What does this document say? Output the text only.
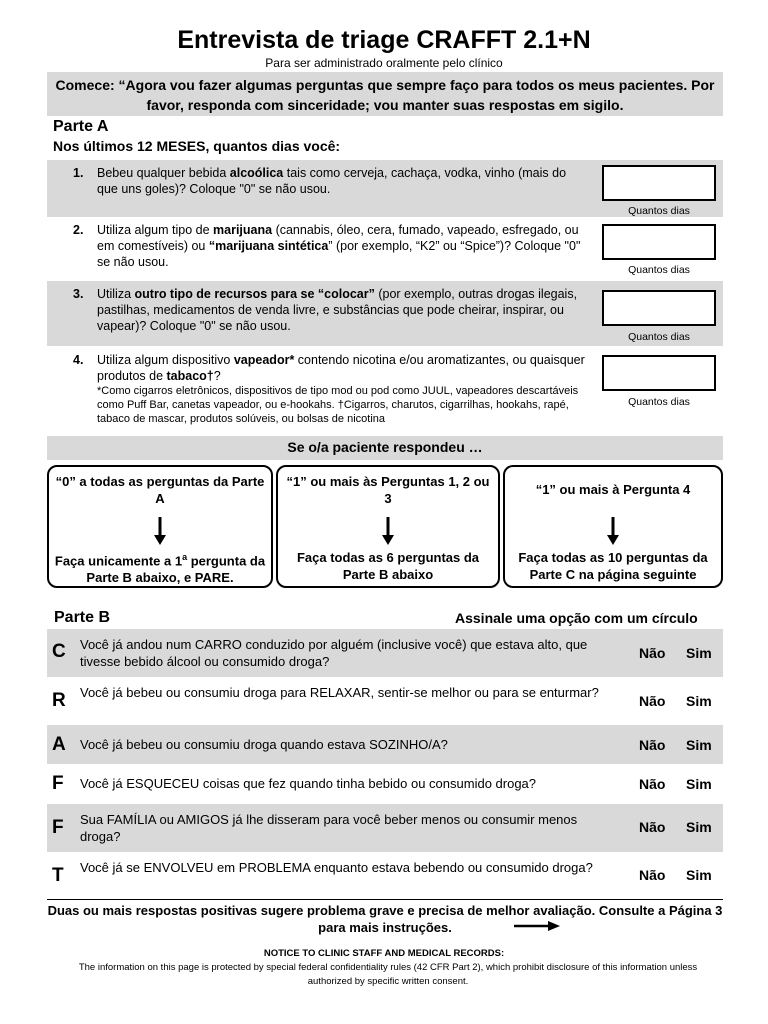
Entrevista de triage CRAFFT 2.1+N
Para ser administrado oralmente pelo clínico
Comece: “Agora vou fazer algumas perguntas que sempre faço para todos os meus pacientes. Por favor, responda com sinceridade; vou manter suas respostas em sigilo.
Parte A
Nos últimos 12 MESES, quantos dias você:
1. Bebeu qualquer bebida alcoólica tais como cerveja, cachaça, vodka, vinho (mais do que uns goles)? Coloque "0" se não usou.
Quantos dias
2. Utiliza algum tipo de marijuana (cannabis, óleo, cera, fumado, vapeado, esfregado, ou em comestíveis) ou “marijuana sintética” (por exemplo, “K2” ou “Spice”)? Coloque "0" se não usou.
Quantos dias
3. Utiliza outro tipo de recursos para se “colocar” (por exemplo, outras drogas ilegais, pastilhas, medicamentos de venda livre, e substâncias que pode cheirar, inspirar, ou vapear)? Coloque "0" se não usou.
Quantos dias
4. Utiliza algum dispositivo vapeador* contendo nicotina e/ou aromatizantes, ou quaisquer produtos de tabaco†?
*Como cigarros eletrônicos, dispositivos de tipo mod ou pod como JUUL, vapeadores descartáveis como Puff Bar, canetas vapeador, ou e-hookahs. †Cigarros, charutos, cigarrilhas, hookahs, rapé, tabaco de mascar, produtos solúveis, ou bolsas de nicotina
Quantos dias
Se o/a paciente respondeu …
“0” a todas as perguntas da Parte A
Faça unicamente a 1$^a$ pergunta da Parte B abaixo, e PARE.
“1” ou mais às Perguntas 1, 2 ou 3
Faça todas as 6 perguntas da Parte B abaixo
“1” ou mais à Pergunta 4
Faça todas as 10 perguntas da Parte C na página seguinte
Parte B	Assinale uma opção com um círculo
C Você já andou num CARRO conduzido por alguém (inclusive você) que estava alto, que tivesse bebido álcool ou consumido droga?
Não Sim
R Você já bebeu ou consumiu droga para RELAXAR, sentir-se melhor ou para se enturmar?
Não Sim
A Você já bebeu ou consumiu droga quando estava SOZINHO/A?	Não Sim
F Você já ESQUECEU coisas que fez quando tinha bebido ou consumido droga?	Não Sim
F Sua FAMÍLIA ou AMIGOS já lhe disseram para você beber menos ou consumir menos droga?
Não Sim
T Você já se ENVOLVEU em PROBLEMA enquanto estava bebendo ou consumido droga?	Não Sim
Duas ou mais respostas positivas sugere problema grave e precisa de melhor avaliação. Consulte a Página 3 para mais instruções.
NOTICE TO CLINIC STAFF AND MEDICAL RECORDS:
The information on this page is protected by special federal confidentiality rules (42 CFR Part 2), which prohibit disclosure of this information unless authorized by specific written consent.
